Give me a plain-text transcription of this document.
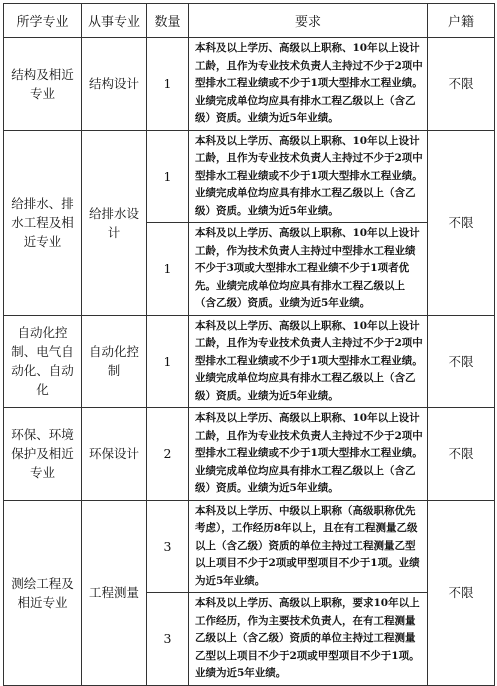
所学专业	从事专业	数量	要求	户籍
结构及相近专业	结构设计	1	本科及以上学历、高级以上职称、10年以上设计工龄，且作为专业技术负责人主持过不少于2项中型排水工程业绩或不少于1项大型排水工程业绩。业绩完成单位均应具有排水工程乙级以上（含乙级）资质。业绩为近5年业绩。	不限
给排水、排水工程及相近专业	给排水设计	1	本科及以上学历、高级以上职称、10年以上设计工龄，且作为专业技术负责人主持过不少于2项中型排水工程业绩或不少于1项大型排水工程业绩。业绩完成单位均应具有排水工程乙级以上（含乙级）资质。业绩为近5年业绩。	不限
		1	本科及以上学历、高级以上职称、10年以上设计工龄，作为技术负责人主持过中型排水工程业绩不少于3项或大型排水工程业绩不少于1项者优先。业绩完成单位均应具有排水工程乙级以上（含乙级）资质。业绩为近5年业绩。	

自动化控制、电气自动化、自动化	自动化控制	1	本科及以上学历、高级以上职称、10年以上设计工龄，且作为专业技术负责人主持过不少于2项中型排水工程业绩或不少于1项大型排水工程业绩。业绩完成单位均应具有排水工程乙级以上（含乙级）资质。业绩为近5年业绩。	不限
环保、环境保护及相近专业	环保设计	2	本科及以上学历、高级以上职称、10年以上设计工龄，且作为专业技术负责人主持过不少于2项中型排水工程业绩或不少于1项大型排水工程业绩。业绩完成单位均应具有排水工程乙级以上（含乙级）资质。业绩为近5年业绩。	不限
测绘工程及相近专业	工程测量	3	本科及以上学历、中级以上职称（高级职称优先考虑），工作经历8年以上，且在有工程测量乙级以上（含乙级）资质的单位主持过工程测量乙型以上项目不少于2项或甲型项目不少于1项。业绩为近5年业绩。	不限
		3	本科及以上学历、高级以上职称，要求10年以上工作经历，作为主要技术负责人，在有工程测量乙级以上（含乙级）资质的单位主持过工程测量乙型以上项目不少于2项或甲型项目不少于1项。业绩为近5年业绩。	
